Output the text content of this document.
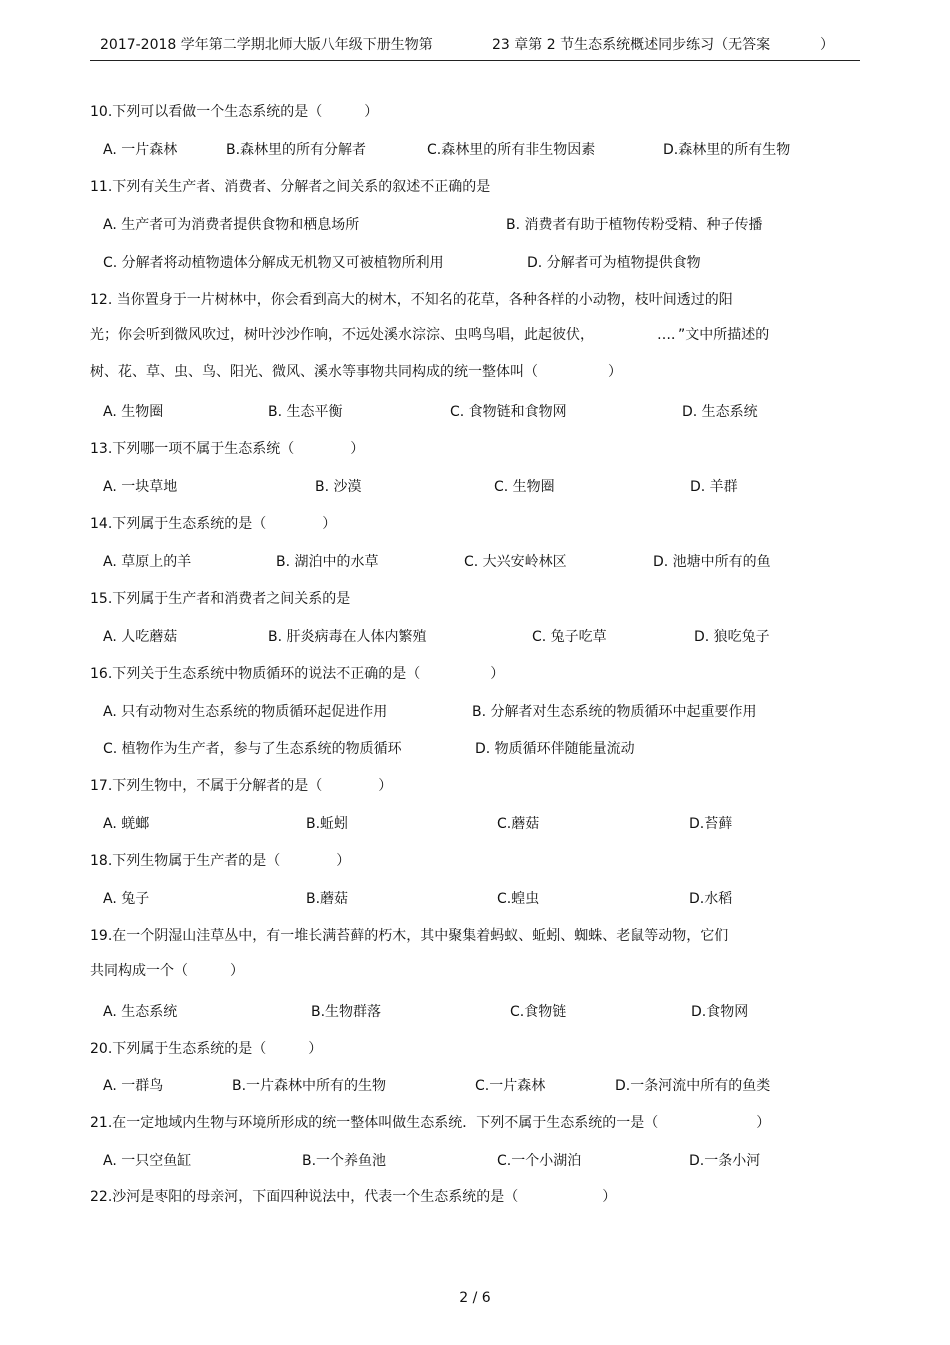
2017-2018 学年第二学期北师大版八年级下册生物第	23 章第 2 节生态系统概述同步练习（无答案	）
10.下列可以看做一个生态系统的是（　　　）
A. 一片森林	B.森林里的所有分解者	C.森林里的所有非生物因素	D.森林里的所有生物
11.下列有关生产者、消费者、分解者之间关系的叙述不正确的是
A. 生产者可为消费者提供食物和栖息场所	B. 消费者有助于植物传粉受精、种子传播
C. 分解者将动植物遗体分解成无机物又可被植物所利用	D. 分解者可为植物提供食物
12. 当你置身于一片树林中，你会看到高大的树木，不知名的花草，各种各样的小动物，枝叶间透过的阳
光；你会听到微风吹过，树叶沙沙作响，不远处溪水淙淙、虫鸣鸟唱，此起彼伏，　　　　　…．”文中所描述的
树、花、草、虫、鸟、阳光、微风、溪水等事物共同构成的统一整体叫（　　　　　）
A. 生物圈	B. 生态平衡	C. 食物链和食物网	D. 生态系统
13.下列哪一项不属于生态系统（　　　　）
A. 一块草地	B. 沙漠	C. 生物圈	D. 羊群
14.下列属于生态系统的是（　　　　）
A. 草原上的羊	B. 湖泊中的水草	C. 大兴安岭林区	D. 池塘中所有的鱼
15.下列属于生产者和消费者之间关系的是
A. 人吃蘑菇	B. 肝炎病毒在人体内繁殖	C. 兔子吃草	D. 狼吃兔子
16.下列关于生态系统中物质循环的说法不正确的是（　　　　　）
A. 只有动物对生态系统的物质循环起促进作用	B. 分解者对生态系统的物质循环中起重要作用
C. 植物作为生产者，参与了生态系统的物质循环	D. 物质循环伴随能量流动
17.下列生物中，不属于分解者的是（　　　　）
A. 蜣螂	B.蚯蚓	C.蘑菇	D.苔藓
18.下列生物属于生产者的是（　　　　）
A. 兔子	B.蘑菇	C.蝗虫	D.水稻
19.在一个阴湿山洼草丛中，有一堆长满苔藓的朽木，其中聚集着蚂蚁、蚯蚓、蜘蛛、老鼠等动物，它们
共同构成一个（　　　）
A. 生态系统	B.生物群落	C.食物链	D.食物网
20.下列属于生态系统的是（　　　）
A. 一群鸟	B.一片森林中所有的生物	C.一片森林	D.一条河流中所有的鱼类
21.在一定地域内生物与环境所形成的统一整体叫做生态系统．下列不属于生态系统的一是（　　　　　　　）
A. 一只空鱼缸	B.一个养鱼池	C.一个小湖泊	D.一条小河
22.沙河是枣阳的母亲河，下面四种说法中，代表一个生态系统的是（　　　　　　）
2 / 6
